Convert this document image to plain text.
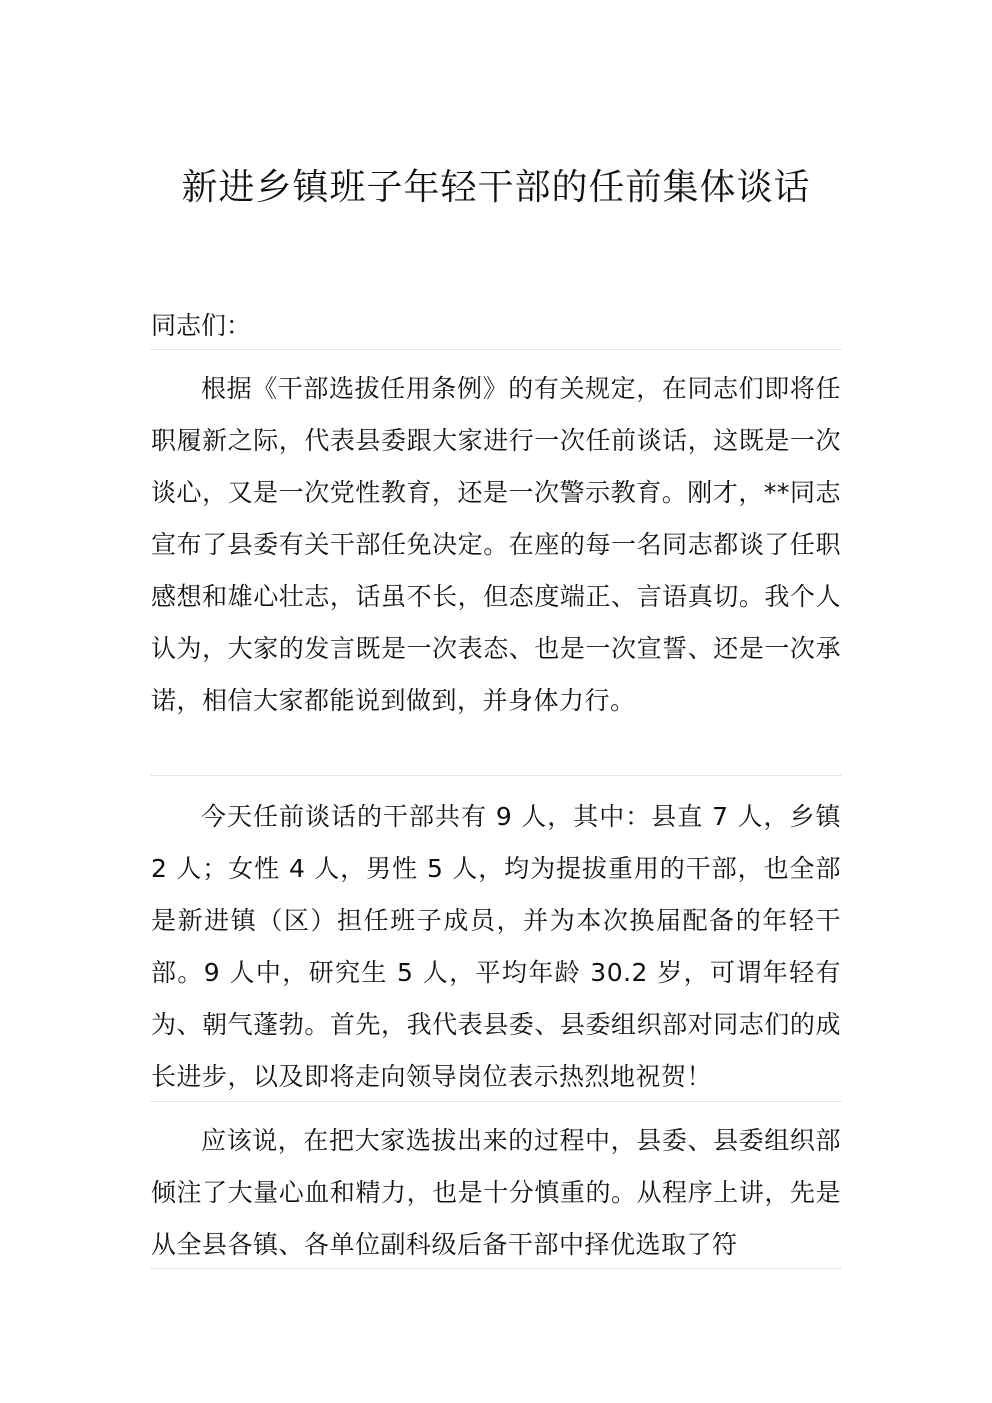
新进乡镇班子年轻干部的任前集体谈话
同志们：

根据《干部选拔任用条例》的有关规定，在同志们即将任职履新之际，代表县委跟大家进行一次任前谈话，这既是一次谈心，又是一次党性教育，还是一次警示教育。刚才，**同志宣布了县委有关干部任免决定。在座的每一名同志都谈了任职感想和雄心壮志，话虽不长，但态度端正、言语真切。我个人认为，大家的发言既是一次表态、也是一次宣誓、还是一次承诺，相信大家都能说到做到，并身体力行。

今天任前谈话的干部共有 9 人，其中：县直 7 人，乡镇 2 人；女性 4 人，男性 5 人，均为提拔重用的干部，也全部是新进镇（区）担任班子成员，并为本次换届配备的年轻干部。9 人中，研究生 5 人，平均年龄 30.2 岁，可谓年轻有为、朝气蓬勃。首先，我代表县委、县委组织部对同志们的成长进步，以及即将走向领导岗位表示热烈地祝贺！

应该说，在把大家选拔出来的过程中，县委、县委组织部倾注了大量心血和精力，也是十分慎重的。从程序上讲，先是从全县各镇、各单位副科级后备干部中择优选取了符
